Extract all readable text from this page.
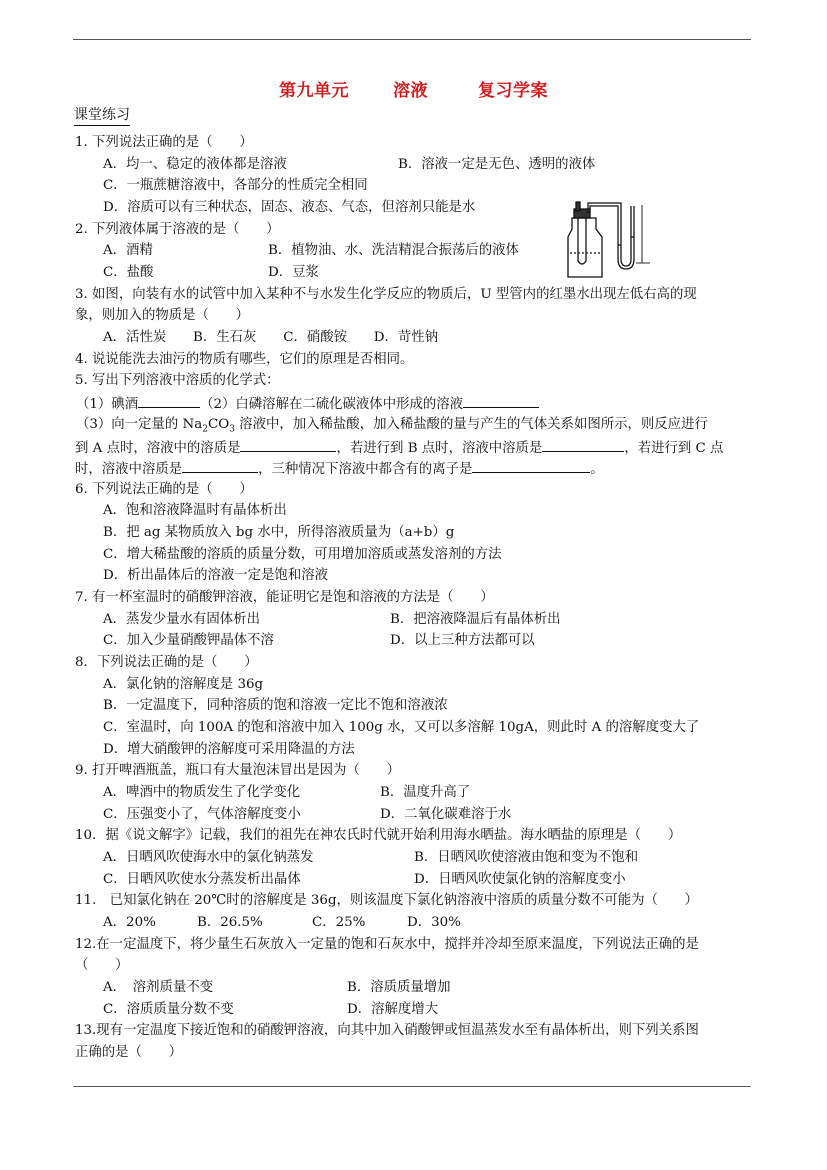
第九单元	溶液	复习学案
课堂练习
1. 下列说法正确的是（　　）
A．均一、稳定的液体都是溶液	B．溶液一定是无色、透明的液体
C．一瓶蔗糖溶液中，各部分的性质完全相同
D．溶质可以有三种状态，固态、液态、气态，但溶剂只能是水
2. 下列液体属于溶液的是（　　）
A．酒精	B．植物油、水、洗洁精混合振荡后的液体
C．盐酸	D．豆浆
3. 如图，向装有水的试管中加入某种不与水发生化学反应的物质后，U 型管内的红墨水出现左低右高的现
象，则加入的物质是（　　）
A．活性炭　　B．生石灰　　C．硝酸铵　　D．苛性钠
4. 说说能洗去油污的物质有哪些，它们的原理是否相同。
5. 写出下列溶液中溶质的化学式：
（1）碘酒	（2）白磷溶解在二硫化碳液体中形成的溶液
（3）向一定量的 $Na_2CO_3$ 溶液中，加入稀盐酸，加入稀盐酸的量与产生的气体关系如图所示，则反应进行
到 A 点时，溶液中的溶质是	，若进行到 B 点时，溶液中溶质是	，若进行到 C 点
时，溶液中溶质是	，三种情况下溶液中都含有的离子是	。
6. 下列说法正确的是（　　）
A．饱和溶液降温时有晶体析出
B．把 ag 某物质放入 bg 水中，所得溶液质量为（a+b）g
C．增大稀盐酸的溶质的质量分数，可用增加溶质或蒸发溶剂的方法
D．析出晶体后的溶液一定是饱和溶液
7. 有一杯室温时的硝酸钾溶液，能证明它是饱和溶液的方法是（　　）
A．蒸发少量水有固体析出	B．把溶液降温后有晶体析出
C．加入少量硝酸钾晶体不溶	D．以上三种方法都可以
8．下列说法正确的是（　　）
A．氯化钠的溶解度是 36g
B．一定温度下，同种溶质的饱和溶液一定比不饱和溶液浓
C．室温时，向 100A 的饱和溶液中加入 100g 水，又可以多溶解 10gA，则此时 A 的溶解度变大了
D．增大硝酸钾的溶解度可采用降温的方法
9. 打开啤酒瓶盖，瓶口有大量泡沫冒出是因为（　　）
A．啤酒中的物质发生了化学变化	B．温度升高了
C．压强变小了，气体溶解度变小	D．二氧化碳难溶于水
10．据《说文解字》记载，我们的祖先在神农氏时代就开始利用海水晒盐。海水晒盐的原理是（　　）
A．日晒风吹使海水中的氯化钠蒸发	B．日晒风吹使溶液由饱和变为不饱和
C．日晒风吹使水分蒸发析出晶体	D．日晒风吹使氯化钠的溶解度变小
11.　已知氯化钠在 20℃时的溶解度是 36g，则该温度下氯化钠溶液中溶质的质量分数不可能为（　　）
A．20%	B．26.5%	C．25%	D．30%
12.在一定温度下，将少量生石灰放入一定量的饱和石灰水中，搅拌并冷却至原来温度，下列说法正确的是
（　　）
A．　溶剂质量不变	B．溶质质量增加
C．溶质质量分数不变	D．溶解度增大
13.现有一定温度下接近饱和的硝酸钾溶液，向其中加入硝酸钾或恒温蒸发水至有晶体析出，则下列关系图
正确的是（　　）
